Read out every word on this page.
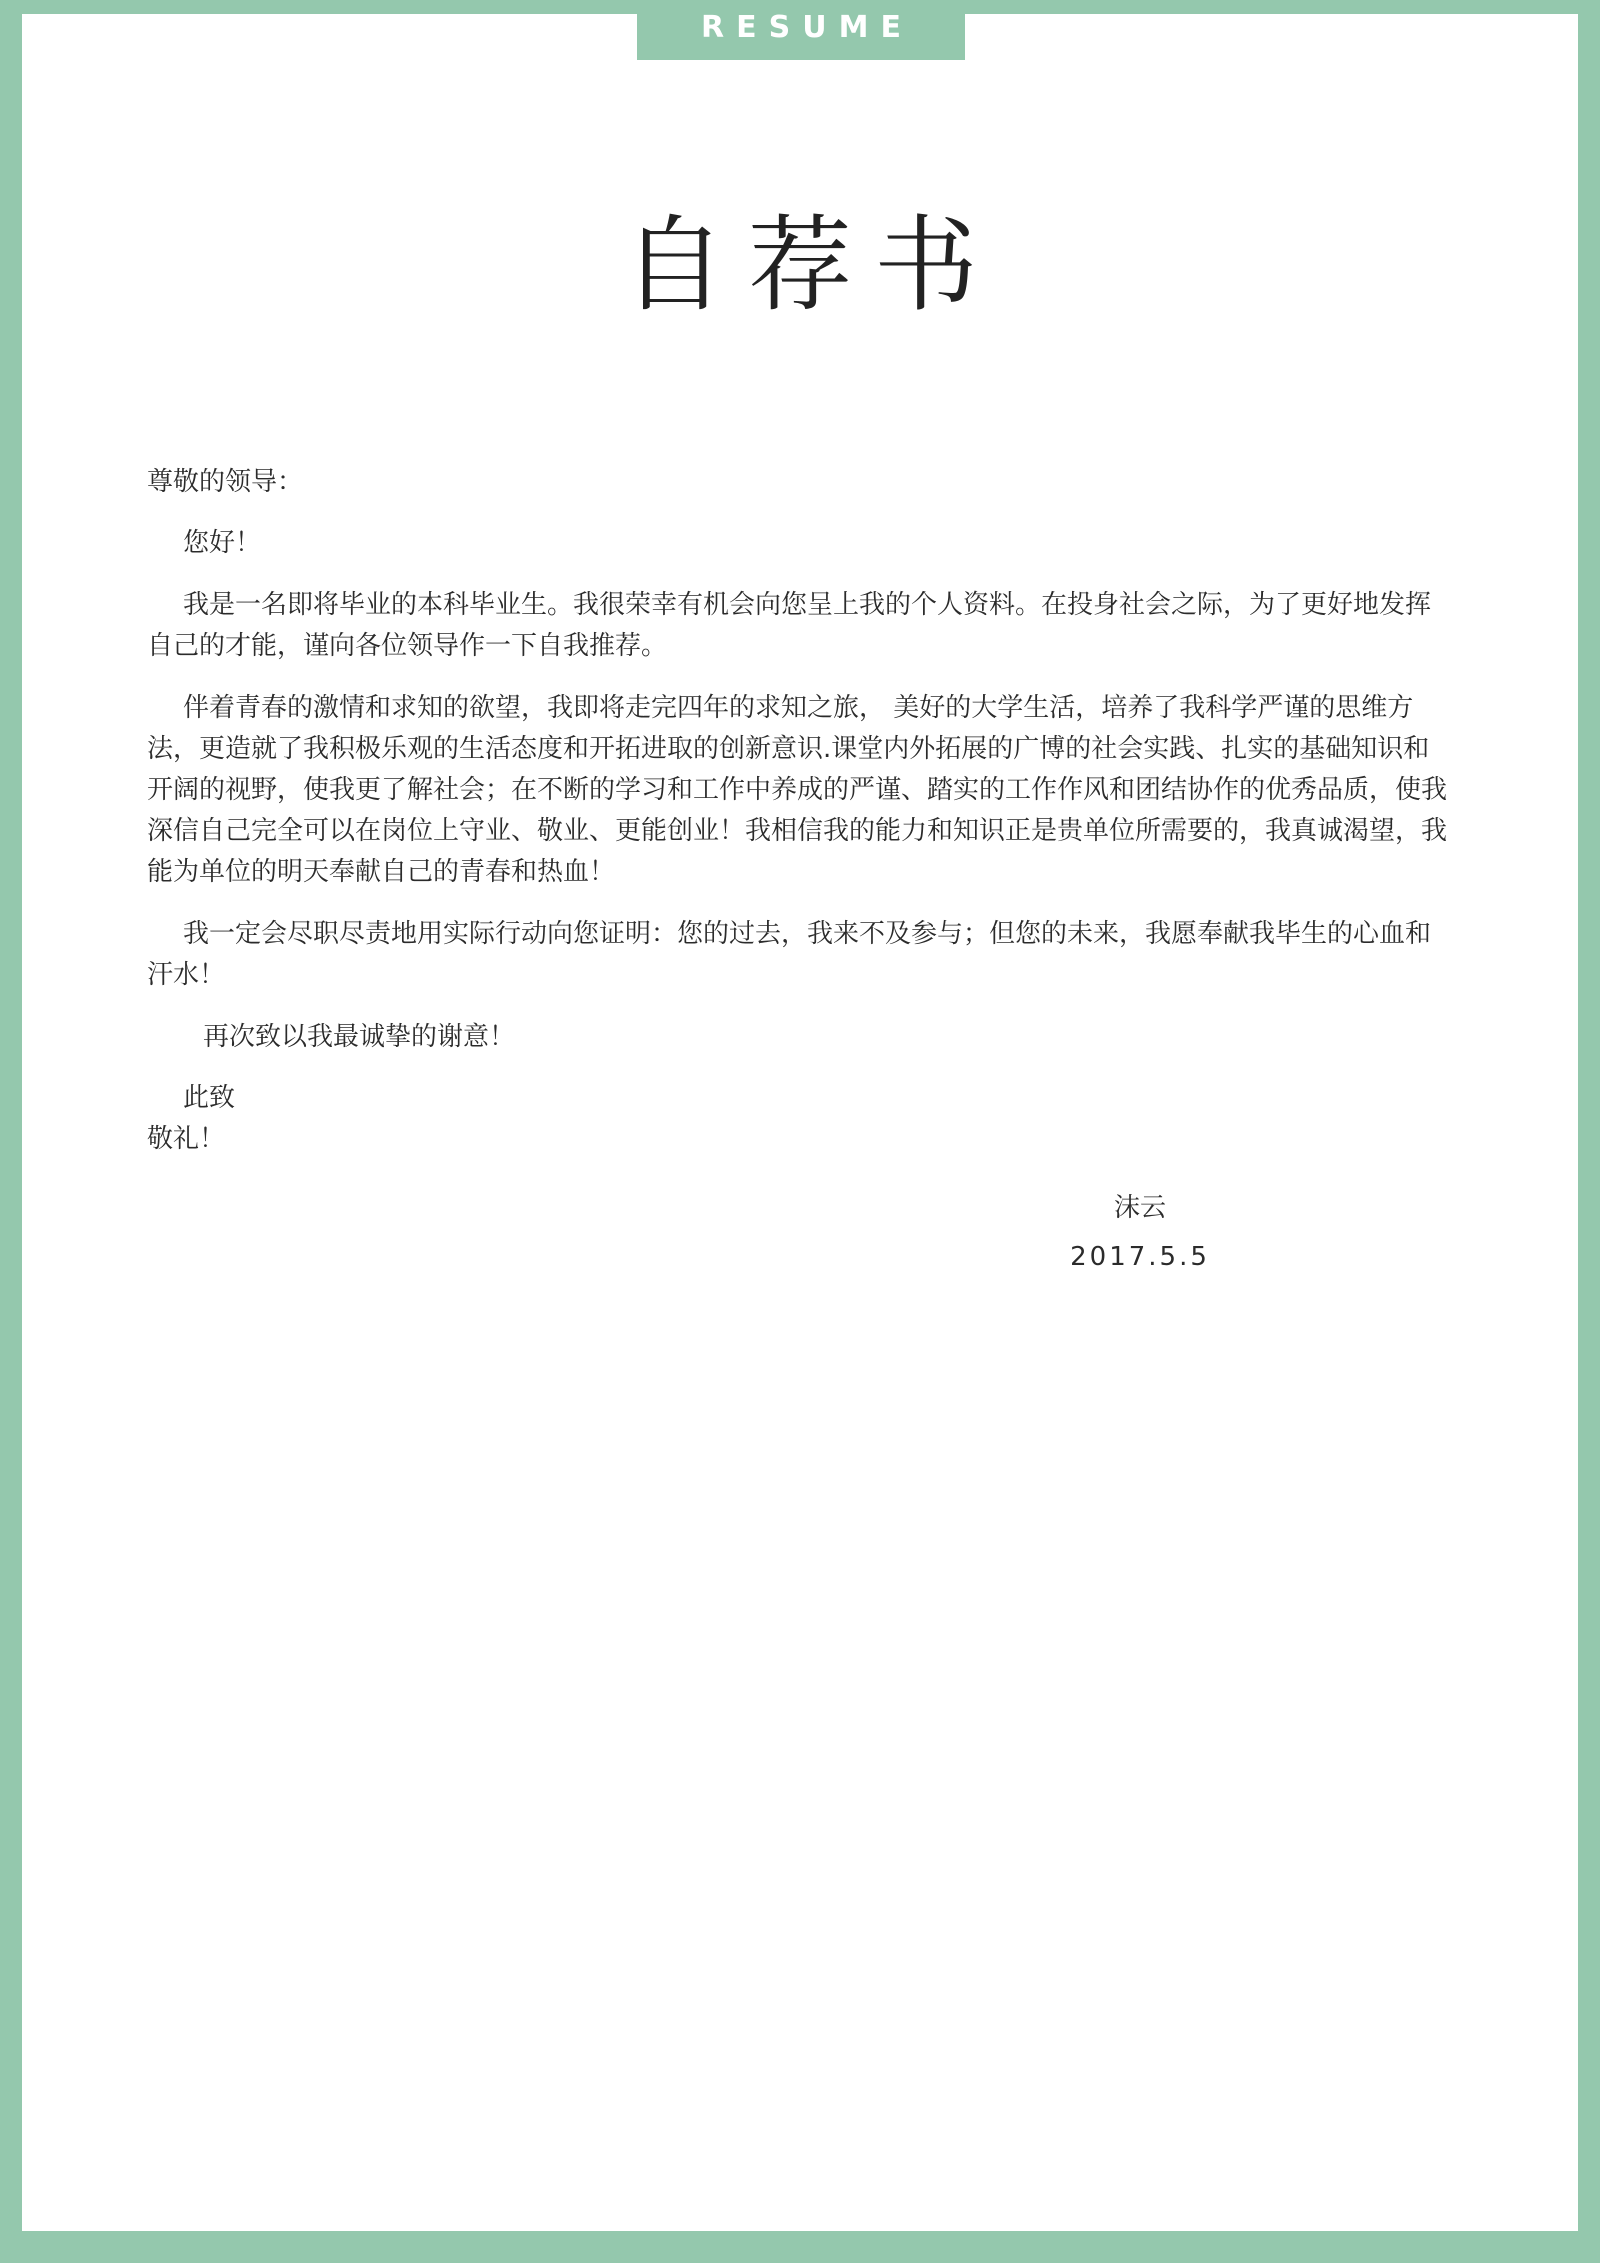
RESUME
自荐书

尊敬的领导：

您好！

我是一名即将毕业的本科毕业生。我很荣幸有机会向您呈上我的个人资料。在投身社会之际，为了更好地发挥自己的才能，谨向各位领导作一下自我推荐。

伴着青春的激情和求知的欲望，我即将走完四年的求知之旅， 美好的大学生活，培养了我科学严谨的思维方法，更造就了我积极乐观的生活态度和开拓进取的创新意识.课堂内外拓展的广博的社会实践、扎实的基础知识和开阔的视野，使我更了解社会；在不断的学习和工作中养成的严谨、踏实的工作作风和团结协作的优秀品质，使我深信自己完全可以在岗位上守业、敬业、更能创业！我相信我的能力和知识正是贵单位所需要的，我真诚渴望，我能为单位的明天奉献自己的青春和热血！

我一定会尽职尽责地用实际行动向您证明：您的过去，我来不及参与；但您的未来，我愿奉献我毕生的心血和汗水！

再次致以我最诚挚的谢意！

此致

敬礼！

沫云
2017.5.5
